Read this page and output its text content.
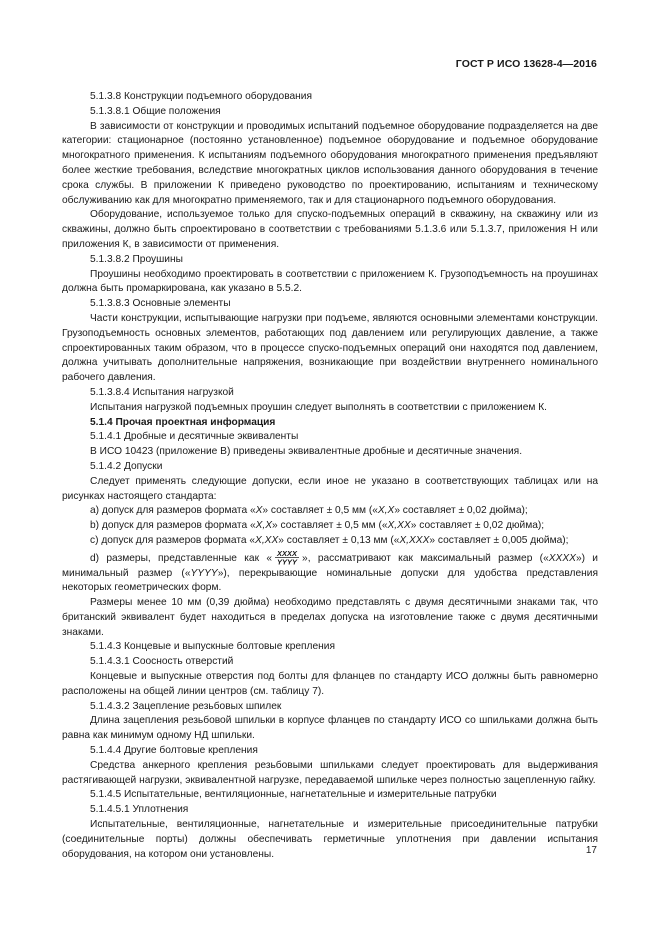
ГОСТ Р ИСО 13628-4—2016

5.1.3.8 Конструкции подъемного оборудования

5.1.3.8.1 Общие положения

В зависимости от конструкции и проводимых испытаний подъемное оборудование подразделяется на две категории: стационарное (постоянно установленное) подъемное оборудование и подъемное оборудование многократного применения. К испытаниям подъемного оборудования многократного применения предъявляют более жесткие требования, вследствие многократных циклов использования данного оборудования в течение срока службы. В приложении К приведено руководство по проектированию, испытаниям и техническому обслуживанию как для многократно применяемого, так и для стационарного подъемного оборудования.

Оборудование, используемое только для спуско-подъемных операций в скважину, на скважину или из скважины, должно быть спроектировано в соответствии с требованиями 5.1.3.6 или 5.1.3.7, приложения Н или приложения К, в зависимости от применения.

5.1.3.8.2 Проушины

Проушины необходимо проектировать в соответствии с приложением К. Грузоподъемность на проушинах должна быть промаркирована, как указано в 5.5.2.

5.1.3.8.3 Основные элементы

Части конструкции, испытывающие нагрузки при подъеме, являются основными элементами конструкции. Грузоподъемность основных элементов, работающих под давлением или регулирующих давление, а также спроектированных таким образом, что в процессе спуско-подъемных операций они находятся под давлением, должна учитывать дополнительные напряжения, возникающие при воздействии внутреннего номинального рабочего давления.

5.1.3.8.4 Испытания нагрузкой

Испытания нагрузкой подъемных проушин следует выполнять в соответствии с приложением К.

5.1.4 Прочая проектная информация

5.1.4.1 Дробные и десятичные эквиваленты

В ИСО 10423 (приложение В) приведены эквивалентные дробные и десятичные значения.

5.1.4.2 Допуски

Следует применять следующие допуски, если иное не указано в соответствующих таблицах или на рисунках настоящего стандарта:

a) допуск для размеров формата «X» составляет ± 0,5 мм («X,X» составляет ± 0,02 дюйма);

b) допуск для размеров формата «X,X» составляет ± 0,5 мм («X,XX» составляет ± 0,02 дюйма);

c) допуск для размеров формата «X,XX» составляет ± 0,13 мм («X,XXX» составляет ± 0,005 дюйма);

d) размеры, представленные как « XXXX
YYYY », рассматривают как максимальный размер («XXXX») и минимальный размер («YYYY»), перекрывающие номинальные допуски для удобства представления некоторых геометрических форм.

Размеры менее 10 мм (0,39 дюйма) необходимо представлять с двумя десятичными знаками так, что британский эквивалент будет находиться в пределах допуска на изготовление также с двумя десятичными знаками.

5.1.4.3 Концевые и выпускные болтовые крепления

5.1.4.3.1 Соосность отверстий

Концевые и выпускные отверстия под болты для фланцев по стандарту ИСО должны быть равномерно расположены на общей линии центров (см. таблицу 7).

5.1.4.3.2 Зацепление резьбовых шпилек

Длина зацепления резьбовой шпильки в корпусе фланцев по стандарту ИСО со шпильками должна быть равна как минимум одному НД шпильки.

5.1.4.4 Другие болтовые крепления

Средства анкерного крепления резьбовыми шпильками следует проектировать для выдерживания растягивающей нагрузки, эквивалентной нагрузке, передаваемой шпильке через полностью зацепленную гайку.

5.1.4.5 Испытательные, вентиляционные, нагнетательные и измерительные патрубки

5.1.4.5.1 Уплотнения

Испытательные, вентиляционные, нагнетательные и измерительные присоединительные патрубки (соединительные порты) должны обеспечивать герметичные уплотнения при давлении испытания оборудования, на котором они установлены.	17
